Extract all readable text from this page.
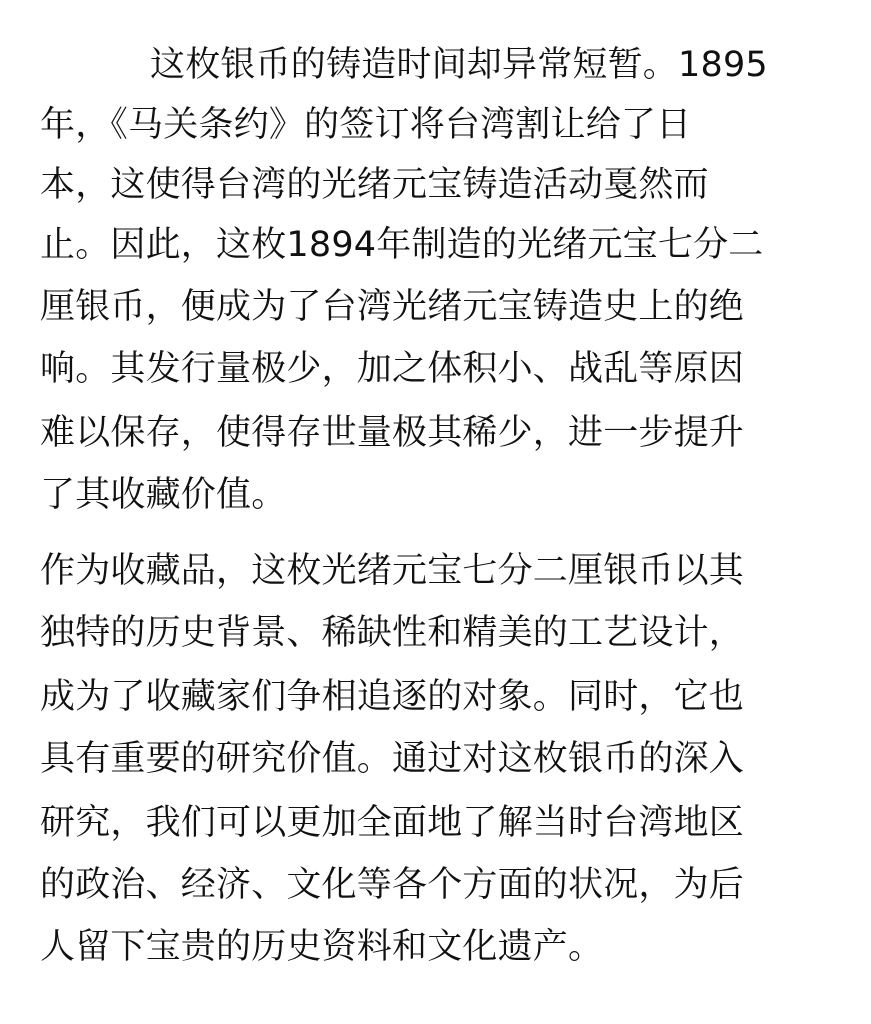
这枚银币的铸造时间却异常短暂。1895
年，《马关条约》的签订将台湾割让给了日
本，这使得台湾的光绪元宝铸造活动戛然而
止。因此，这枚1894年制造的光绪元宝七分二
厘银币，便成为了台湾光绪元宝铸造史上的绝
响。其发行量极少，加之体积小、战乱等原因
难以保存，使得存世量极其稀少，进一步提升
了其收藏价值。
作为收藏品，这枚光绪元宝七分二厘银币以其
独特的历史背景、稀缺性和精美的工艺设计，
成为了收藏家们争相追逐的对象。同时，它也
具有重要的研究价值。通过对这枚银币的深入
研究，我们可以更加全面地了解当时台湾地区
的政治、经济、文化等各个方面的状况，为后
人留下宝贵的历史资料和文化遗产。
